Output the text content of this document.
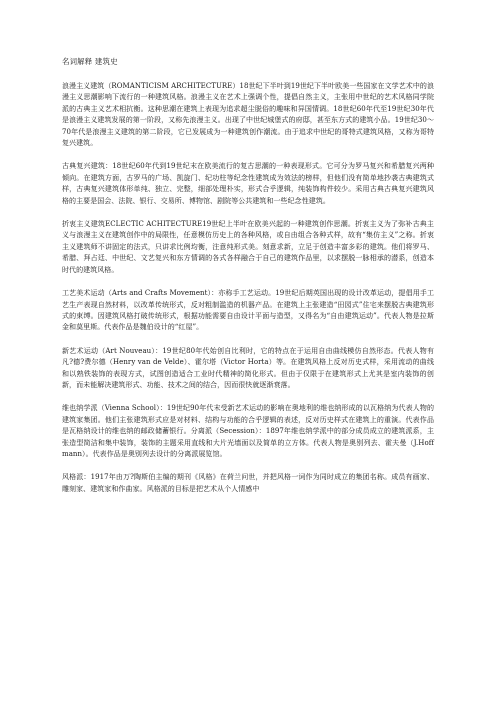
名词解释 建筑史

浪漫主义建筑（ROMANTICISM ARCHITECTURE）18世纪下半叶到19世纪下半叶欧美一些国家在文学艺术中的浪漫主义思潮影响下流行的一种建筑风格。浪漫主义在艺术上强调个性，提倡自然主义，主张用中世纪的艺术风格同学院派的古典主义艺术相抗衡。这种思潮在建筑上表现为追求超尘脱俗的趣味和异国情调。18世纪60年代至19世纪30年代是浪漫主义建筑发展的第一阶段，又称先浪漫主义。出现了中世纪城堡式的府邸，甚至东方式的建筑小品。19世纪30～70年代是浪漫主义建筑的第二阶段，它已发展成为一种建筑创作潮流。由于追求中世纪的哥特式建筑风格，又称为哥特复兴建筑。

古典复兴建筑：18世纪60年代到19世纪末在欧美流行的复古思潮的一种表现形式。它可分为罗马复兴和希腊复兴两种倾向。在建筑方面，古罗马的广场、凯旋门、纪功柱等纪念性建筑成为效法的榜样，但他们没有简单地抄袭古典建筑式样，古典复兴建筑体形单纯、独立、完整，细部处理朴实，形式合乎逻辑，纯装饰构件较少。采用古典古典复兴建筑风格的主要是国会、法院、银行、交易所、博物馆、剧院等公共建筑和一些纪念性建筑。

折衷主义建筑ECLECTIC ACHITECTURE19世纪上半叶在欧美兴起的一种建筑创作思潮。折衷主义为了弥补古典主义与浪漫主义在建筑创作中的局限性，任意模仿历史上的各种风格，或自由组合各种式样，故有“集仿主义”之称。折衷主义建筑师不讲固定的法式，只讲求比例均衡，注意纯形式美。刻意求新，立足于创造丰富多彩的建筑。他们将罗马、希腊、拜占廷、中世纪、文艺复兴和东方情调的各式各样融合于自己的建筑作品里，以求摆脱一脉相承的潜系，创造本时代的建筑风格。

工艺美术运动（Arts and Crafts Movement）：亦称手工艺运动。19世纪后期英国出现的设计改革运动，提倡用手工艺生产表现自然材料，以改革传统形式，反对粗制滥造的机器产品。在建筑上主张建造“田园式”住宅来摆脱古典建筑形式的束缚。因建筑风格打破传统形式，根据功能需要自由设计平面与造型，又得名为“自由建筑运动”。代表人物是拉斯金和莫里斯。代表作品是魏伯设计的“红屋”。

新艺术运动（Art Nouveau）：19世纪80年代始创自比利时，它的特点在于运用自由曲线模仿自然形态。代表人物有凡?德?费尔德（Henry van de Velde）、霍尔塔（Victor Horta）等。在建筑风格上反对历史式样，采用流动的曲线和以熟铁装饰的表现方式，试图创造适合工业时代精神的简化形式。但由于仅限于在建筑形式上尤其是室内装饰的创新，而未能解决建筑形式、功能、技术之间的结合，因而很快就逐渐衰落。

维也纳学派（Vienna School）：19世纪90年代末受新艺术运动的影响在奥地利的维也纳形成的以瓦格纳为代表人物的建筑家集团。他们主张建筑形式应是对材料、结构与功能的合乎逻辑的表述，反对历史样式在建筑上的重演。代表作品是瓦格纳设计的维也纳的邮政储蓄银行。分离派（Secession）：1897年维也纳学派中的部分成员成立的建筑派系，主张造型简洁和集中装饰，装饰的主题采用直线和大片光墙面以及简单的立方体。代表人物是奥别列去、霍夫曼（J.Hoffmann）。代表作品是奥别列去设计的分离派展览馆。

风格派：1917年由万?陶斯伯主编的期刊《风格》在荷兰问世，并把风格一词作为同时成立的集团名称。成员有画家、雕刻家、建筑家和作曲家。风格派的目标是把艺术从个人情感中
